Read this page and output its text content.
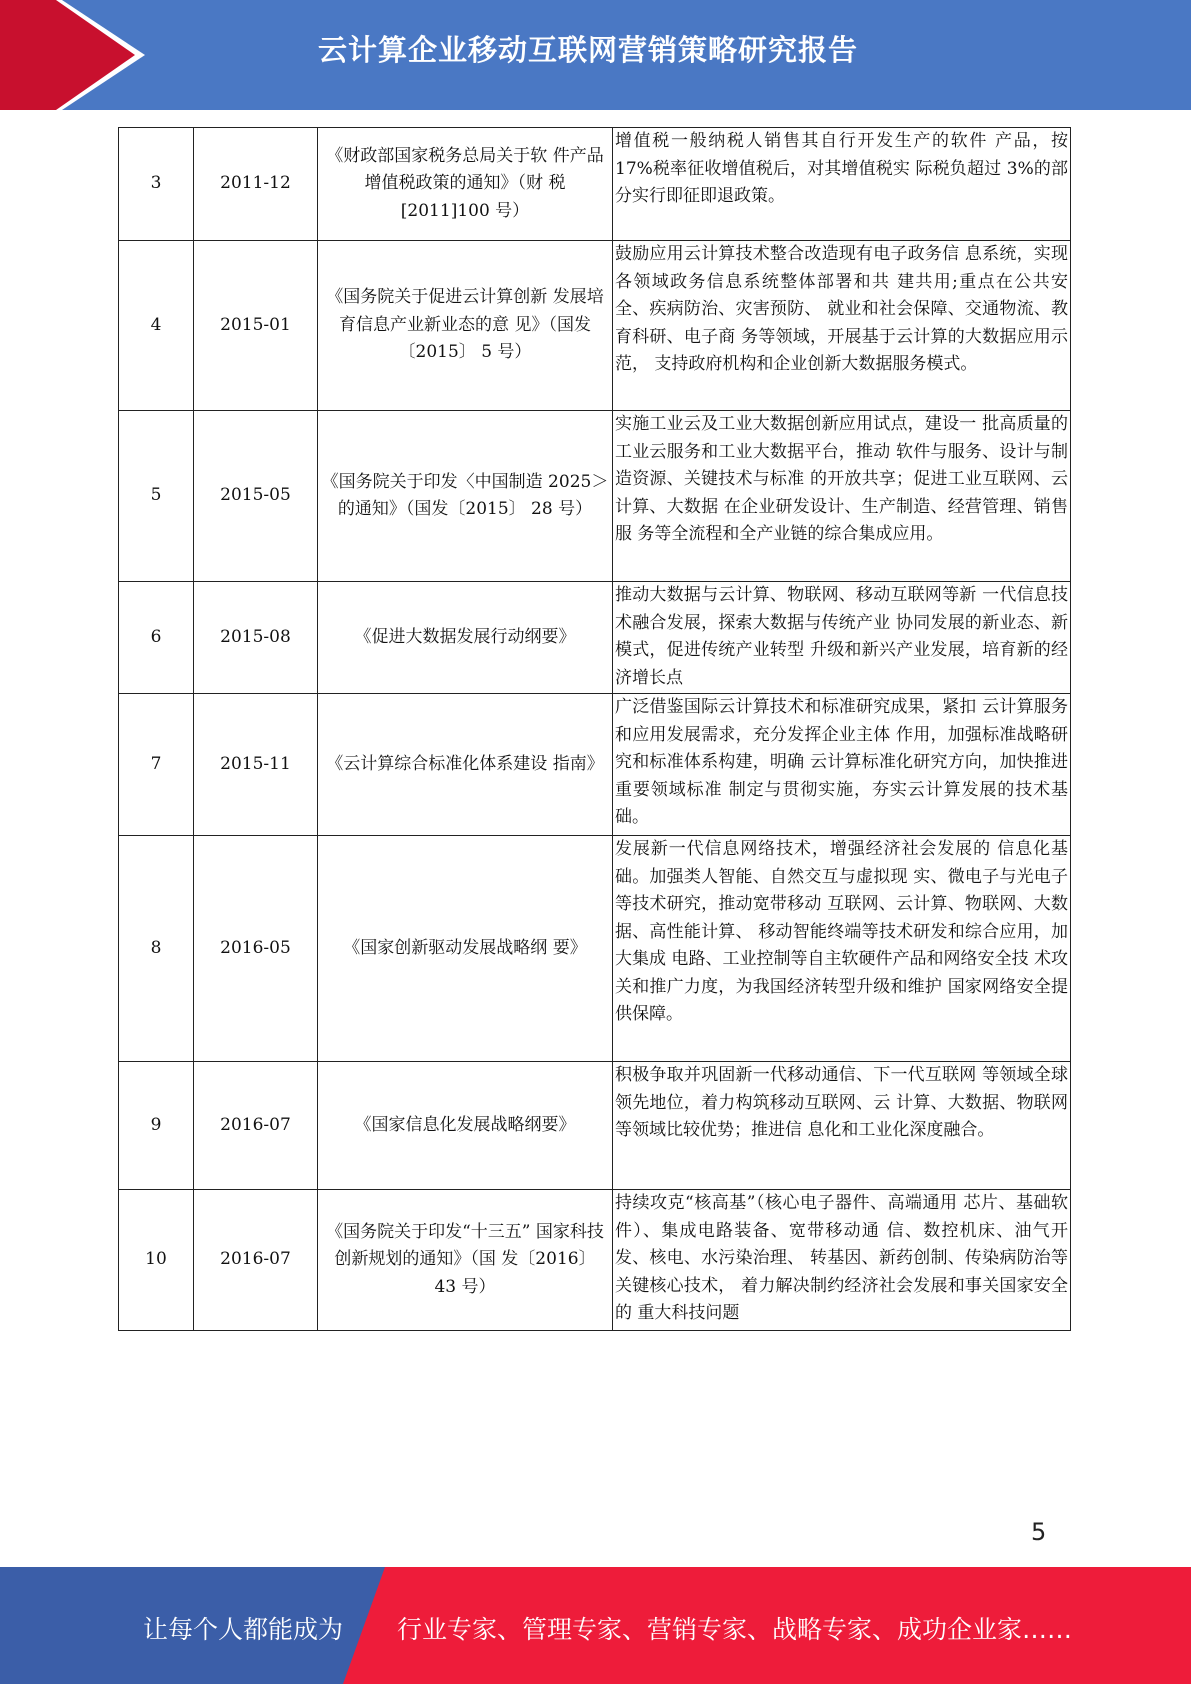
云计算企业移动互联网营销策略研究报告
3	2011-12	《财政部国家税务总局关于软 件产品增值税政策的通知》（财 税[2011]100 号）	增值税一般纳税人销售其自行开发生产的软件 产品，按 17%税率征收增值税后，对其增值税实 际税负超过 3%的部分实行即征即退政策。
4	2015-01	《国务院关于促进云计算创新 发展培育信息产业新业态的意 见》（国发〔2015〕 5 号）	鼓励应用云计算技术整合改造现有电子政务信 息系统，实现各领域政务信息系统整体部署和共 建共用;重点在公共安全、疾病防治、灾害预防、 就业和社会保障、交通物流、教育科研、电子商 务等领域，开展基于云计算的大数据应用示范， 支持政府机构和企业创新大数据服务模式。
5	2015-05	《国务院关于印发〈中国制造 2025＞的通知》（国发〔2015〕 28 号）	实施工业云及工业大数据创新应用试点，建设一 批高质量的工业云服务和工业大数据平台，推动 软件与服务、设计与制造资源、关键技术与标准 的开放共享；促进工业互联网、云计算、大数据 在企业研发设计、生产制造、经营管理、销售服 务等全流程和全产业链的综合集成应用。
6	2015-08	《促进大数据发展行动纲要》	推动大数据与云计算、物联网、移动互联网等新 一代信息技术融合发展，探索大数据与传统产业 协同发展的新业态、新模式，促进传统产业转型 升级和新兴产业发展，培育新的经济增长点
7	2015-11	《云计算综合标准化体系建设 指南》	广泛借鉴国际云计算技术和标准研究成果，紧扣 云计算服务和应用发展需求，充分发挥企业主体 作用，加强标准战略研究和标准体系构建，明确 云计算标准化研究方向，加快推进重要领域标准 制定与贯彻实施，夯实云计算发展的技术基础。
8	2016-05	《国家创新驱动发展战略纲 要》	发展新一代信息网络技术，增强经济社会发展的 信息化基础。加强类人智能、自然交互与虚拟现 实、微电子与光电子等技术研究，推动宽带移动 互联网、云计算、物联网、大数据、高性能计算、 移动智能终端等技术研发和综合应用，加大集成 电路、工业控制等自主软硬件产品和网络安全技 术攻关和推广力度，为我国经济转型升级和维护 国家网络安全提供保障。
9	2016-07	《国家信息化发展战略纲要》	积极争取并巩固新一代移动通信、下一代互联网 等领域全球领先地位，着力构筑移动互联网、云 计算、大数据、物联网等领域比较优势；推进信 息化和工业化深度融合。
10	2016-07	《国务院关于印发“十三五” 国家科技创新规划的通知》（国 发〔2016〕 43 号）	持续攻克“核高基”（核心电子器件、高端通用 芯片、基础软件）、集成电路装备、宽带移动通 信、数控机床、油气开发、核电、水污染治理、 转基因、新药创制、传染病防治等关键核心技术， 着力解决制约经济社会发展和事关国家安全的 重大科技问题
5
让每个人都能成为 行业专家、管理专家、营销专家、战略专家、成功企业家……
